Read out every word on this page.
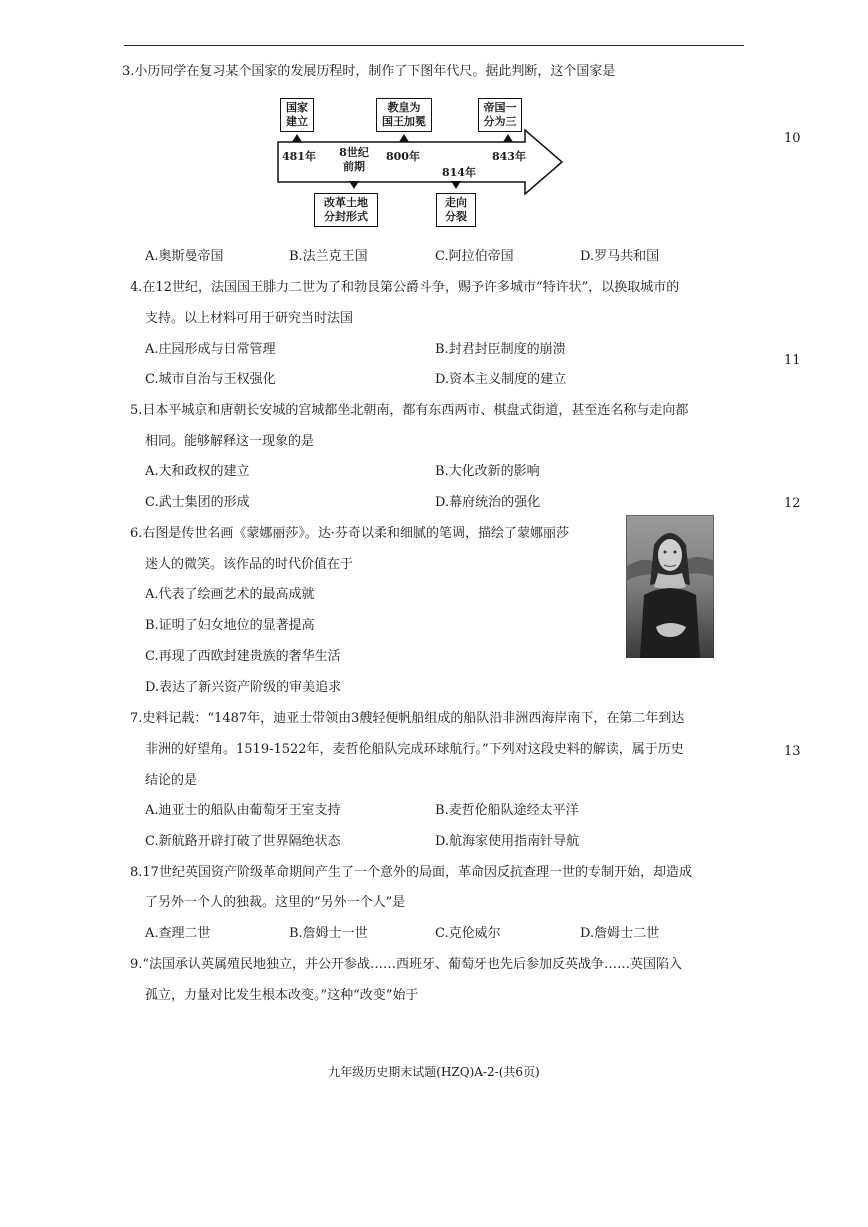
3.小历同学在复习某个国家的发展历程时，制作了下图年代尺。据此判断，这个国家是
国家
建立
教皇为
国王加冕
帝国一
分为三
481年	8世纪
前期
800年
814年
843年
改革土地
分封形式
走向
分裂
10
A.奥斯曼帝国	B.法兰克王国	C.阿拉伯帝国	D.罗马共和国
4.在12世纪，法国国王腓力二世为了和勃艮第公爵斗争，赐予许多城市“特许状”，以换取城市的
支持。以上材料可用于研究当时法国
A.庄园形成与日常管理	B.封君封臣制度的崩溃
11
C.城市自治与王权强化	D.资本主义制度的建立
5.日本平城京和唐朝长安城的宫城都坐北朝南，都有东西两市、棋盘式街道，甚至连名称与走向都
相同。能够解释这一现象的是
A.大和政权的建立	B.大化改新的影响
C.武士集团的形成	D.幕府统治的强化	12
6.右图是传世名画《蒙娜丽莎》。达·芬奇以柔和细腻的笔调，描绘了蒙娜丽莎
迷人的微笑。该作品的时代价值在于
A.代表了绘画艺术的最高成就
B.证明了妇女地位的显著提高
C.再现了西欧封建贵族的奢华生活
D.表达了新兴资产阶级的审美追求
7.史料记载：“1487年，迪亚士带领由3艘轻便帆船组成的船队沿非洲西海岸南下，在第二年到达
非洲的好望角。1519-1522年，麦哲伦船队完成环球航行。”下列对这段史料的解读，属于历史	13
结论的是
A.迪亚士的船队由葡萄牙王室支持	B.麦哲伦船队途经太平洋
C.新航路开辟打破了世界隔绝状态	D.航海家使用指南针导航
8.17世纪英国资产阶级革命期间产生了一个意外的局面，革命因反抗查理一世的专制开始，却造成
了另外一个人的独裁。这里的“另外一个人”是
A.查理二世	B.詹姆士一世	C.克伦威尔	D.詹姆士二世
9.“法国承认英属殖民地独立，并公开参战……西班牙、葡萄牙也先后参加反英战争……英国陷入
孤立，力量对比发生根本改变。”这种“改变”始于
九年级历史期末试题(HZQ)A-2-(共6页)
